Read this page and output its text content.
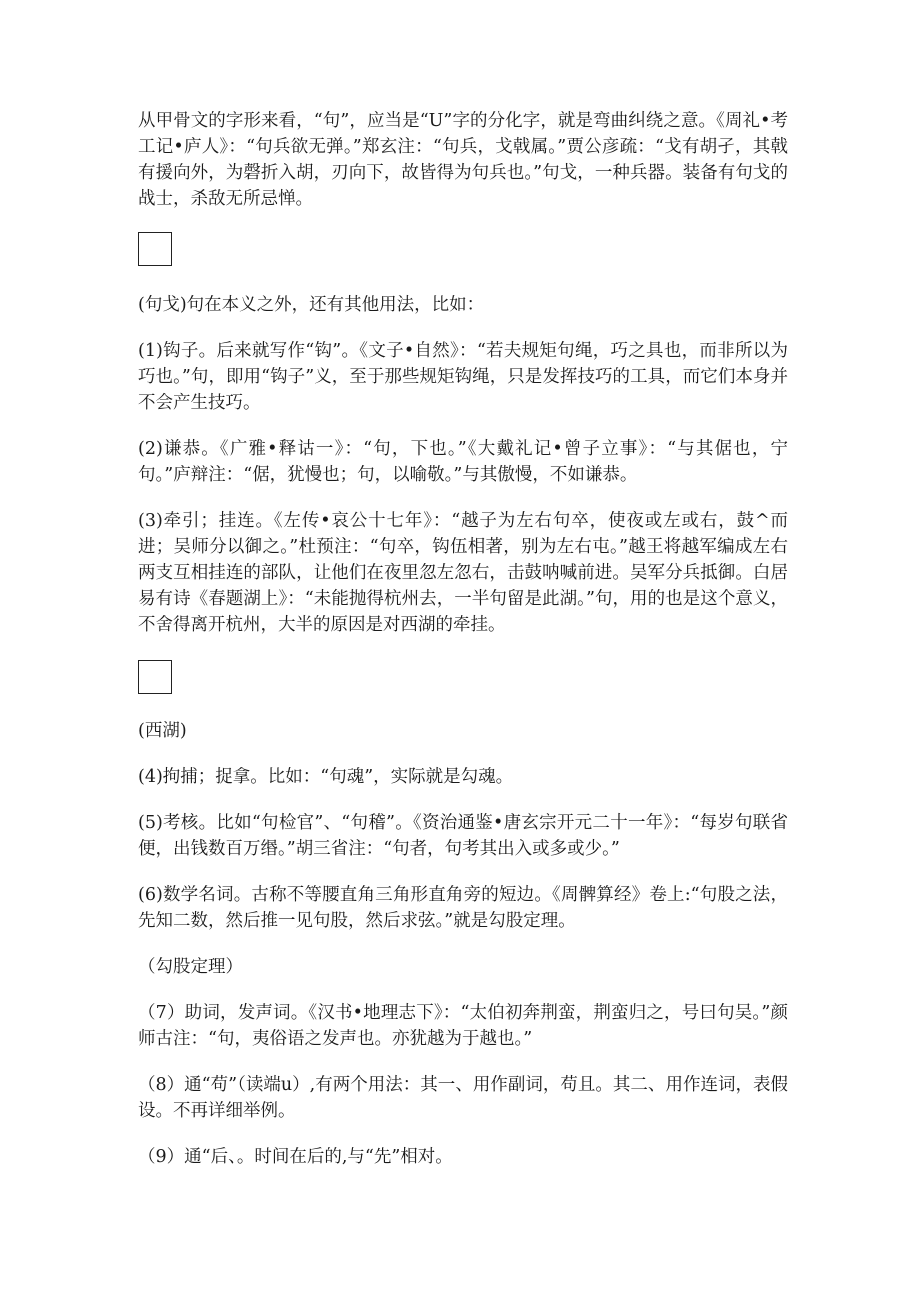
从甲骨文的字形来看，“句”，应当是“U”字的分化字，就是弯曲纠绕之意。《周礼•考工记•庐人》：“句兵欲无弹。”郑玄注：“句兵，戈戟属。”贾公彦疏：“戈有胡孑，其戟有援向外，为磬折入胡，刃向下，故皆得为句兵也。”句戈，一种兵器。装备有句戈的战士，杀敌无所忌惮。

(句戈)句在本义之外，还有其他用法，比如：

(1)钩子。后来就写作“钩”。《文子•自然》：“若夫规矩句绳，巧之具也，而非所以为巧也。”句，即用“钩子”义，至于那些规矩钩绳，只是发挥技巧的工具，而它们本身并不会产生技巧。

(2)谦恭。《广雅•释诂一》：“句，下也。”《大戴礼记•曾子立事》：“与其倨也，宁句。”庐辩注：“倨，犹慢也；句，以喻敬。”与其傲慢，不如谦恭。

(3)牵引；挂连。《左传•哀公十七年》：“越子为左右句卒，使夜或左或右，鼓^而进；吴师分以御之。”杜预注：“句卒，钩伍相著，别为左右屯。”越王将越军编成左右两支互相挂连的部队，让他们在夜里忽左忽右，击鼓呐喊前进。吴军分兵抵御。白居易有诗《春题湖上》：“未能抛得杭州去，一半句留是此湖。”句，用的也是这个意义，不舍得离开杭州，大半的原因是对西湖的牵挂。

(西湖)

(4)拘捕；捉拿。比如：“句魂”，实际就是勾魂。

(5)考核。比如“句检官”、“句稽”。《资治通鉴•唐玄宗开元二十一年》：“每岁句联省便，出钱数百万缗。”胡三省注：“句者，句考其出入或多或少。”

(6)数学名词。古称不等腰直角三角形直角旁的短边。《周髀算经》卷上:“句股之法，先知二数，然后推一见句股，然后求弦。”就是勾股定理。

（勾股定理）

（7）助词，发声词。《汉书•地理志下》：“太伯初奔荆蛮，荆蛮归之，号曰句吴。”颜师古注：“句，夷俗语之发声也。亦犹越为于越也。”

（8）通“苟”（读端u）,有两个用法：其一、用作副词，苟且。其二、用作连词，表假设。不再详细举例。

（9）通“后、。时间在后的,与“先”相对。
